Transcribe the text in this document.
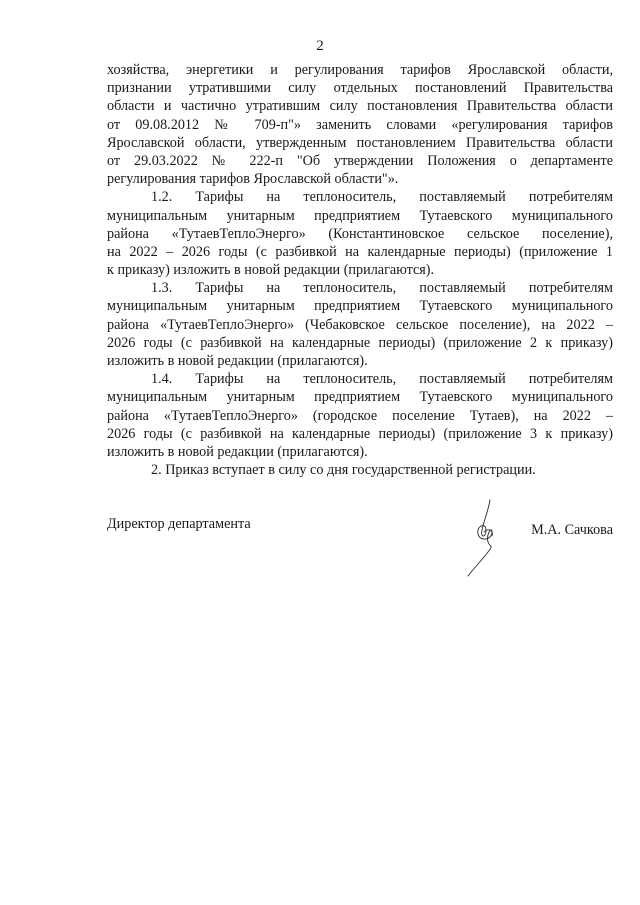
2
хозяйства, энергетики и регулирования тарифов Ярославской области,
признании утратившими силу отдельных постановлений Правительства
области и частично утратившим силу постановления Правительства области
от 09.08.2012 № 709-п"» заменить словами «регулирования тарифов
Ярославской области, утвержденным постановлением Правительства области
от 29.03.2022 № 222-п "Об утверждении Положения о департаменте
регулирования тарифов Ярославской области"».
1.2. Тарифы на теплоноситель, поставляемый потребителям
муниципальным унитарным предприятием Тутаевского муниципального
района «ТутаевТеплоЭнерго» (Константиновское сельское поселение),
на 2022 – 2026 годы (с разбивкой на календарные периоды) (приложение 1
к приказу) изложить в новой редакции (прилагаются).
1.3. Тарифы на теплоноситель, поставляемый потребителям
муниципальным унитарным предприятием Тутаевского муниципального
района «ТутаевТеплоЭнерго» (Чебаковское сельское поселение), на 2022 –
2026 годы (с разбивкой на календарные периоды) (приложение 2 к приказу)
изложить в новой редакции (прилагаются).
1.4. Тарифы на теплоноситель, поставляемый потребителям
муниципальным унитарным предприятием Тутаевского муниципального
района «ТутаевТеплоЭнерго» (городское поселение Тутаев), на 2022 –
2026 годы (с разбивкой на календарные периоды) (приложение 3 к приказу)
изложить в новой редакции (прилагаются).
2. Приказ вступает в силу со дня государственной регистрации.
Директор департамента	М.А. Сачкова
